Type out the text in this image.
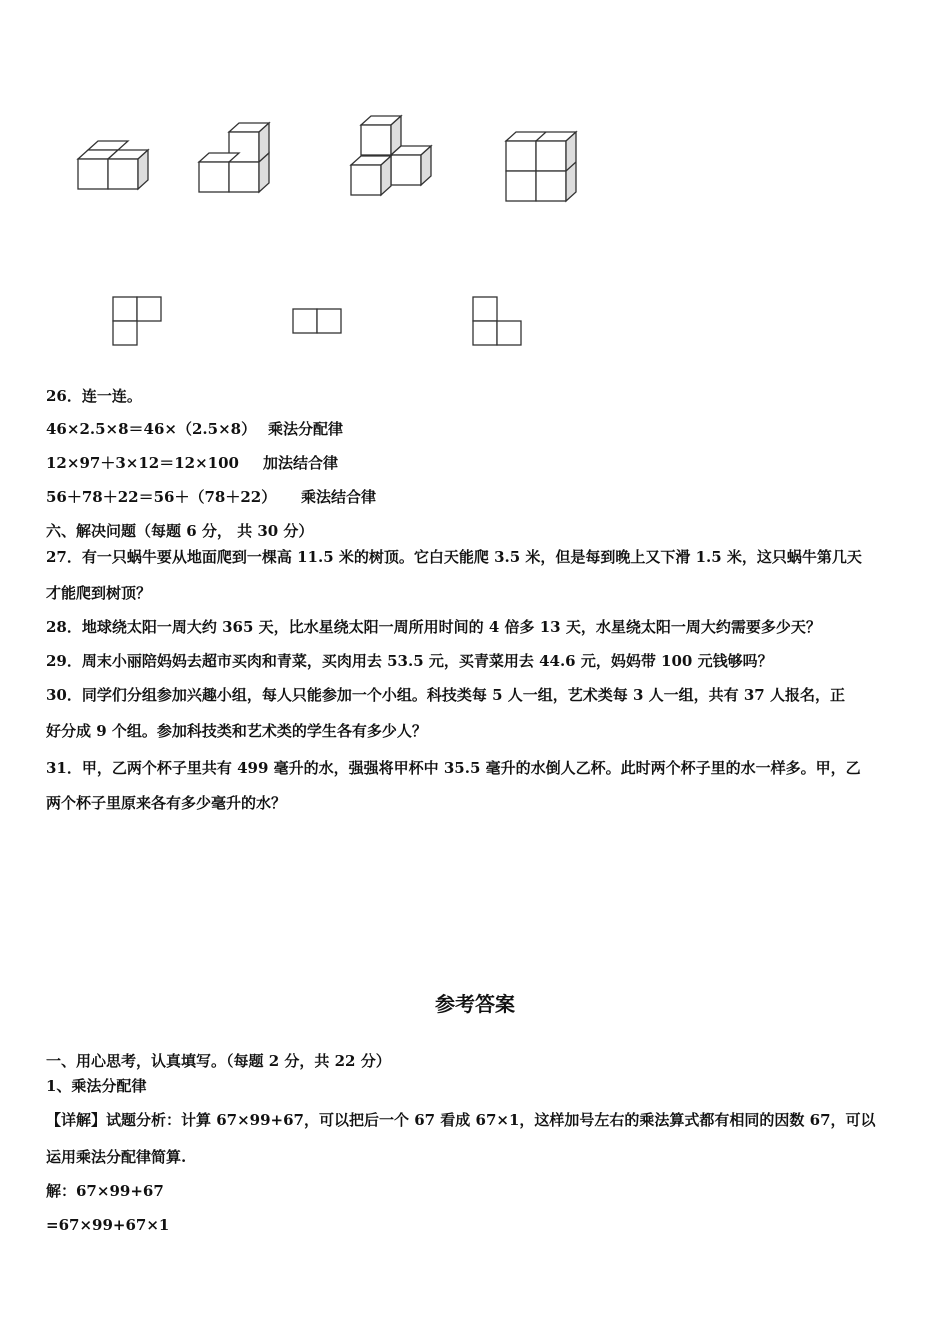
26．连一连。
46×2.5×8＝46×（2.5×8） 乘法分配律
12×97＋3×12＝12×100 加法结合律
56＋78＋22＝56＋（78＋22） 乘法结合律
六、解决问题（每题 6 分， 共 30 分）
27．有一只蜗牛要从地面爬到一棵高 11.5 米的树顶。它白天能爬 3.5 米，但是每到晚上又下滑 1.5 米，这只蜗牛第几天
才能爬到树顶？
28．地球绕太阳一周大约 365 天，比水星绕太阳一周所用时间的 4 倍多 13 天，水星绕太阳一周大约需要多少天？
29．周末小丽陪妈妈去超市买肉和青菜，买肉用去 53.5 元，买青菜用去 44.6 元，妈妈带 100 元钱够吗？
30．同学们分组参加兴趣小组，每人只能参加一个小组。科技类每 5 人一组，艺术类每 3 人一组，共有 37 人报名，正
好分成 9 个组。参加科技类和艺术类的学生各有多少人？
31．甲，乙两个杯子里共有 499 毫升的水，强强将甲杯中 35.5 毫升的水倒人乙杯。此时两个杯子里的水一样多。甲，乙
两个杯子里原来各有多少毫升的水？
参考答案
一、用心思考，认真填写。（每题 2 分，共 22 分）
1、乘法分配律
【详解】试题分析：计算 67×99+67，可以把后一个 67 看成 67×1，这样加号左右的乘法算式都有相同的因数 67，可以
运用乘法分配律简算.
解：67×99+67
=67×99+67×1
